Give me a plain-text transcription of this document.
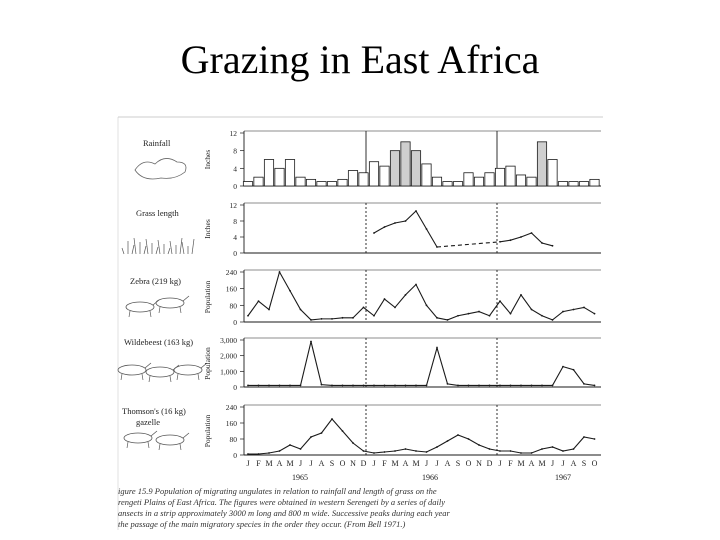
Grazing in East Africa
Rainfall
Inches
12
8
4
0
Grass length
Inches
12
8
4
0
Zebra (219 kg)	Population
240
160
80
0
Wildebeest (163 kg)
Population
3,000
2,000
1,000
0
Thomson's (16 kg)
gazelle	Population
240
160
80
0
J F M A M J J A S O N D J F M A M J J A S O N D J F M A M J J A S O
1965	1966	1967
igure 15.9 Population of migrating ungulates in relation to rainfall and length of grass on the
rengeti Plains of East Africa. The figures were obtained in western Serengeti by a series of daily
ansects in a strip approximately 3000 m long and 800 m wide. Successive peaks during each year
the passage of the main migratory species in the order they occur. (From Bell 1971.)
